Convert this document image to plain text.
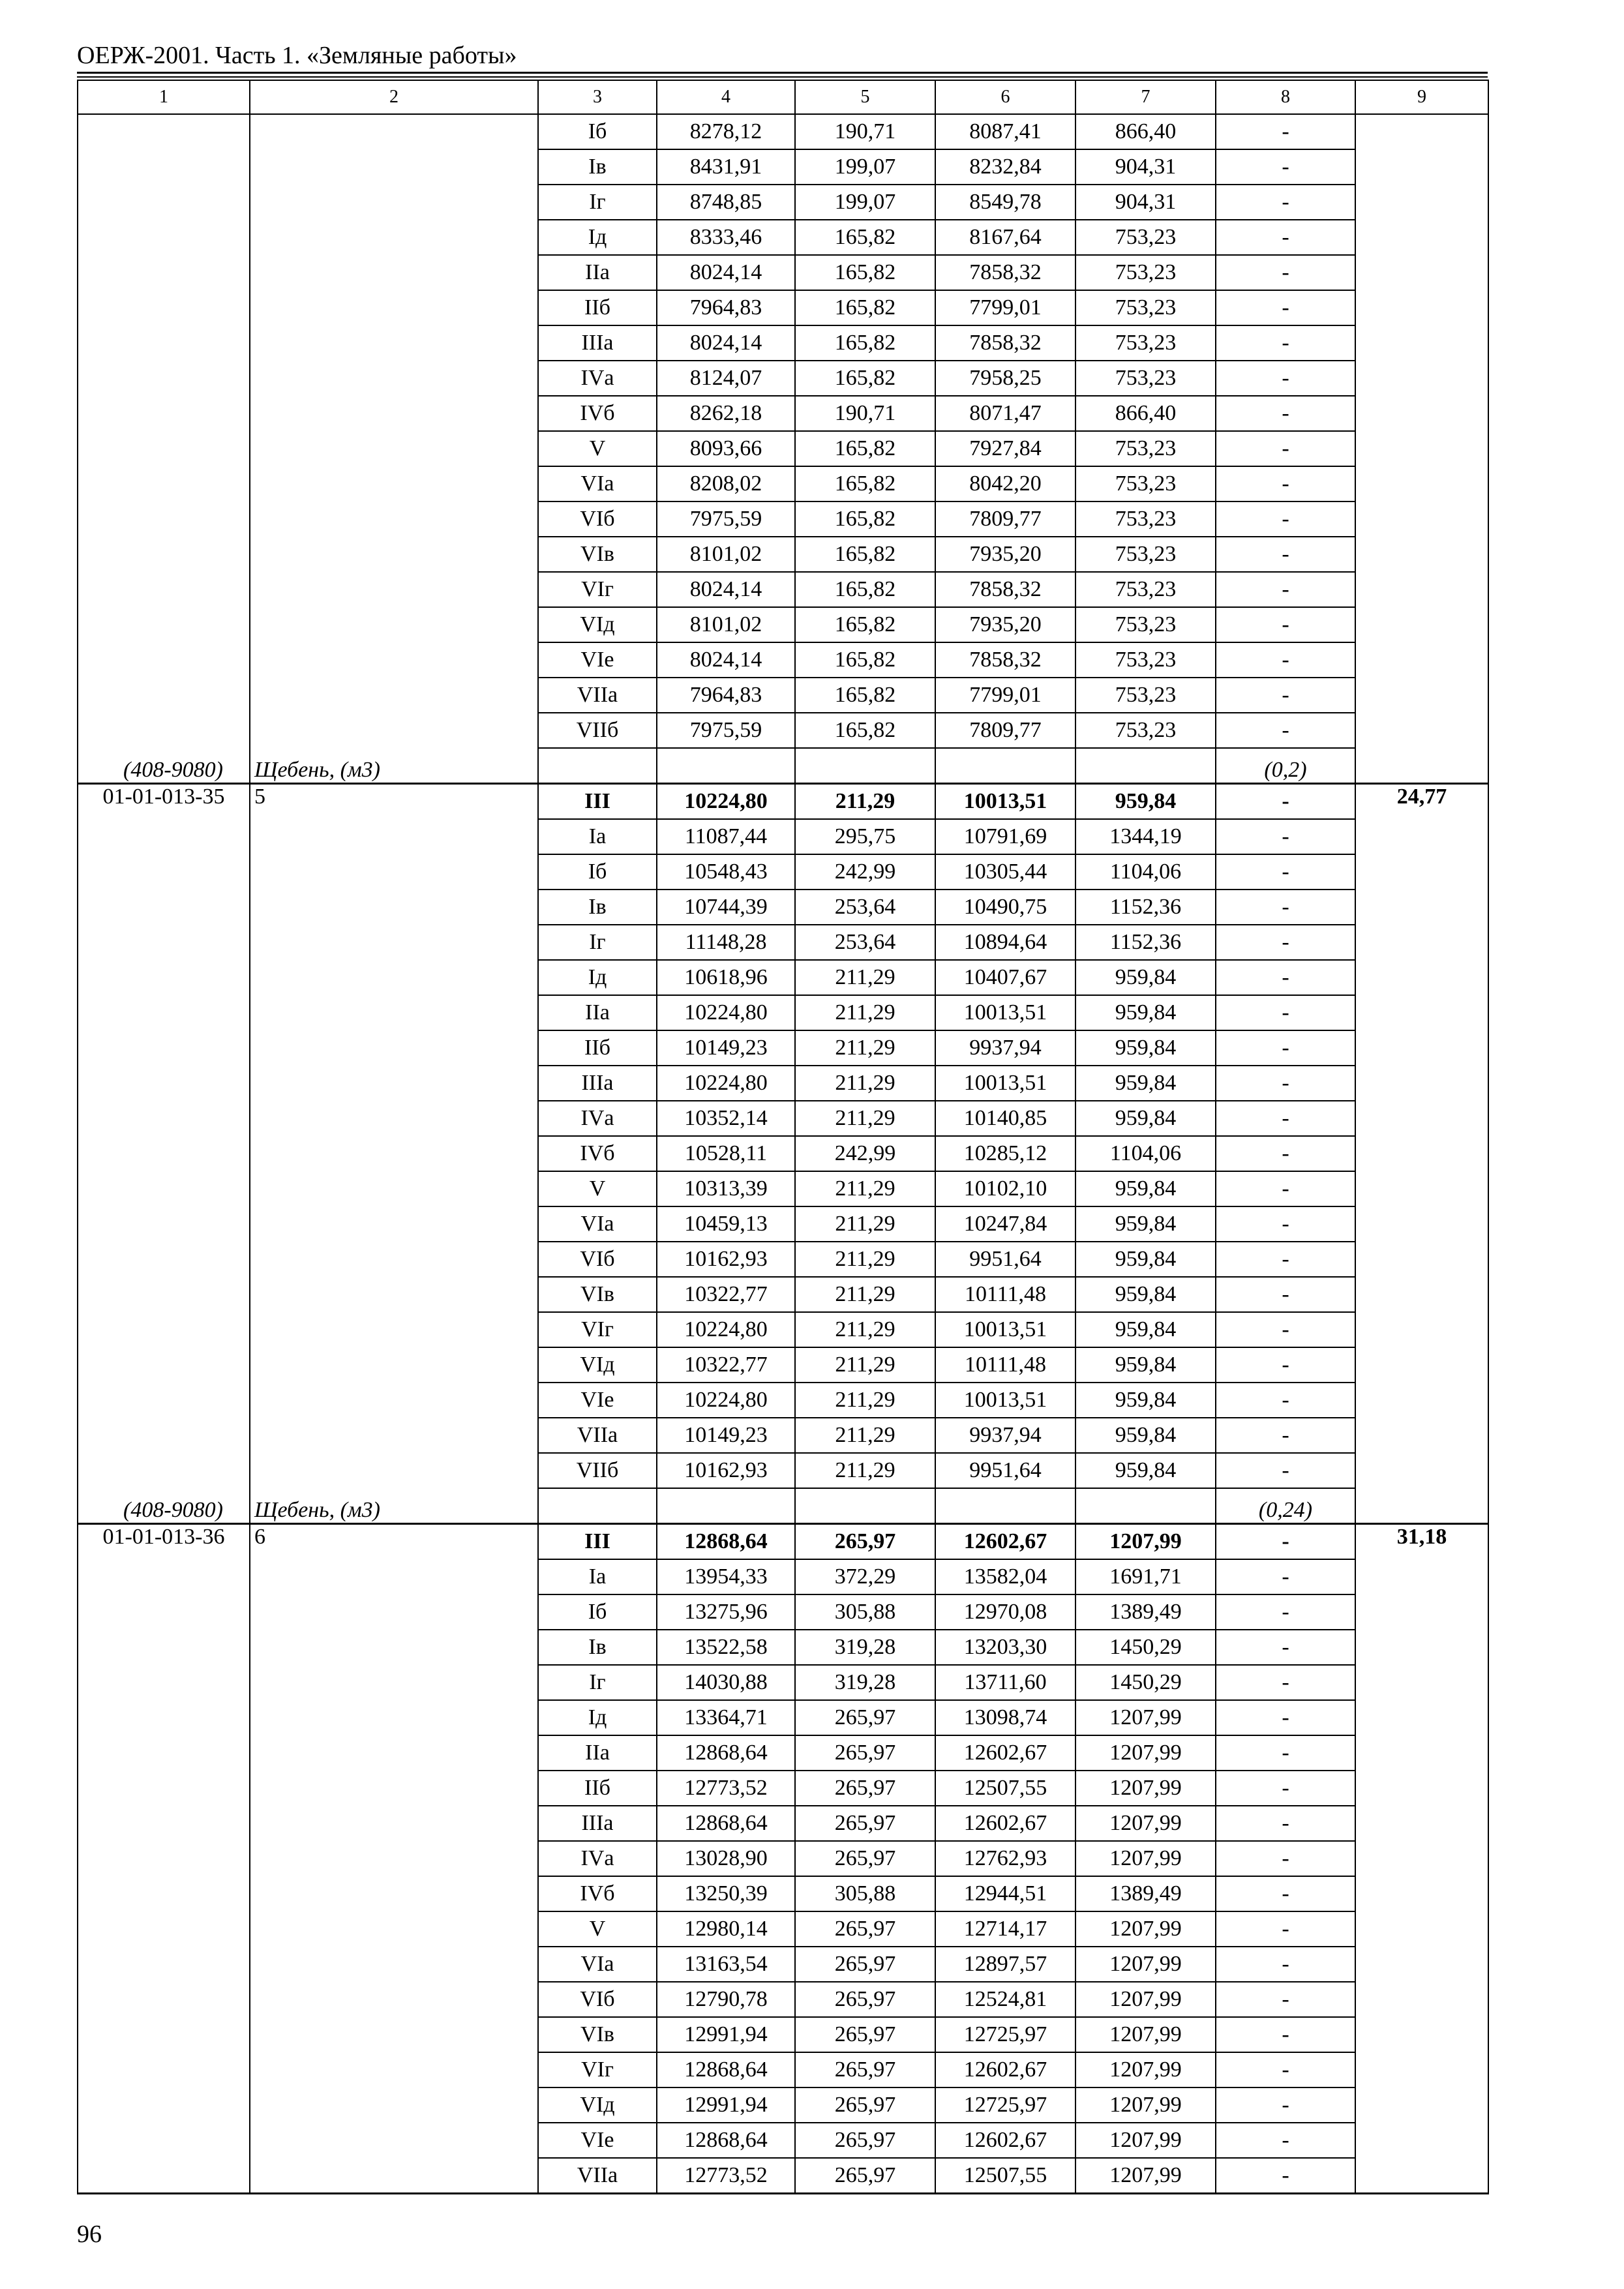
ОЕРЖ-2001. Часть 1. «Земляные работы»
1	2	3	4	5	6	7	8	9
		Iб	8278,12	190,71	8087,41	866,40	-	
		Iв	8431,91	199,07	8232,84	904,31	-	
		Iг	8748,85	199,07	8549,78	904,31	-	
		Iд	8333,46	165,82	8167,64	753,23	-	
		IIа	8024,14	165,82	7858,32	753,23	-	
		IIб	7964,83	165,82	7799,01	753,23	-	
		IIIа	8024,14	165,82	7858,32	753,23	-	
		IVа	8124,07	165,82	7958,25	753,23	-	
		IVб	8262,18	190,71	8071,47	866,40	-	
		V	8093,66	165,82	7927,84	753,23	-	
		VIа	8208,02	165,82	8042,20	753,23	-	
		VIб	7975,59	165,82	7809,77	753,23	-	
		VIв	8101,02	165,82	7935,20	753,23	-	
		VIг	8024,14	165,82	7858,32	753,23	-	
		VIд	8101,02	165,82	7935,20	753,23	-	
		VIе	8024,14	165,82	7858,32	753,23	-	
		VIIа	7964,83	165,82	7799,01	753,23	-	
		VIIб	7975,59	165,82	7809,77	753,23	-	
(408-9080)	Щебень, (м3)						(0,2)	
01-01-013-35	5	III	10224,80	211,29	10013,51	959,84	-	24,77
		Iа	11087,44	295,75	10791,69	1344,19	-	
		Iб	10548,43	242,99	10305,44	1104,06	-	
		Iв	10744,39	253,64	10490,75	1152,36	-	
		Iг	11148,28	253,64	10894,64	1152,36	-	
		Iд	10618,96	211,29	10407,67	959,84	-	
		IIа	10224,80	211,29	10013,51	959,84	-	
		IIб	10149,23	211,29	9937,94	959,84	-	
		IIIа	10224,80	211,29	10013,51	959,84	-	
		IVа	10352,14	211,29	10140,85	959,84	-	
		IVб	10528,11	242,99	10285,12	1104,06	-	
		V	10313,39	211,29	10102,10	959,84	-	
		VIа	10459,13	211,29	10247,84	959,84	-	
		VIб	10162,93	211,29	9951,64	959,84	-	
		VIв	10322,77	211,29	10111,48	959,84	-	
		VIг	10224,80	211,29	10013,51	959,84	-	
		VIд	10322,77	211,29	10111,48	959,84	-	
		VIе	10224,80	211,29	10013,51	959,84	-	
		VIIа	10149,23	211,29	9937,94	959,84	-	
		VIIб	10162,93	211,29	9951,64	959,84	-	
(408-9080)	Щебень, (м3)						(0,24)	
01-01-013-36	6	III	12868,64	265,97	12602,67	1207,99	-	31,18
		Iа	13954,33	372,29	13582,04	1691,71	-	
		Iб	13275,96	305,88	12970,08	1389,49	-	
		Iв	13522,58	319,28	13203,30	1450,29	-	
		Iг	14030,88	319,28	13711,60	1450,29	-	
		Iд	13364,71	265,97	13098,74	1207,99	-	
		IIа	12868,64	265,97	12602,67	1207,99	-	
		IIб	12773,52	265,97	12507,55	1207,99	-	
		IIIа	12868,64	265,97	12602,67	1207,99	-	
		IVа	13028,90	265,97	12762,93	1207,99	-	
		IVб	13250,39	305,88	12944,51	1389,49	-	
		V	12980,14	265,97	12714,17	1207,99	-	
		VIа	13163,54	265,97	12897,57	1207,99	-	
		VIб	12790,78	265,97	12524,81	1207,99	-	
		VIв	12991,94	265,97	12725,97	1207,99	-	
		VIг	12868,64	265,97	12602,67	1207,99	-	
		VIд	12991,94	265,97	12725,97	1207,99	-	
		VIе	12868,64	265,97	12602,67	1207,99	-	
		VIIа	12773,52	265,97	12507,55	1207,99	-	
96
